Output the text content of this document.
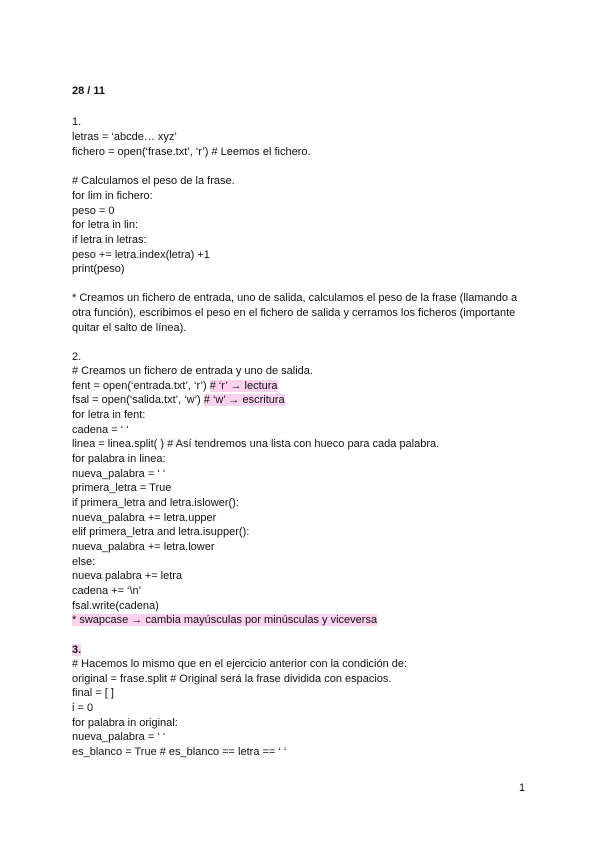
28 / 11
1.
letras = ‘abcde… xyz’
fichero = open(‘frase.txt’, ‘r’) # Leemos el fichero.
# Calculamos el peso de la frase.
for lim in fichero:
peso = 0
for letra in lin:
if letra in letras:
peso += letra.index(letra) +1
print(peso)
* Creamos un fichero de entrada, uno de salida, calculamos el peso de la frase (llamando a
otra función), escribimos el peso en el fichero de salida y cerramos los ficheros (importante
quitar el salto de línea).
2.
# Creamos un fichero de entrada y uno de salida.
fent = open(‘entrada.txt’, ‘r’) # ‘r’ → lectura
fsal = open(‘salida.txt’, ‘w’) # ‘w’ → escritura
for letra in fent:
cadena = ‘ ‘
linea = linea.split( ) # Así tendremos una lista con hueco para cada palabra.
for palabra in linea:
nueva_palabra = ‘ ‘
primera_letra = True
if primera_letra and letra.islower():
nueva_palabra += letra.upper
elif primera_letra and letra.isupper():
nueva_palabra += letra.lower
else:
nueva palabra += letra
cadena += ‘\n’
fsal.write(cadena)
* swapcase → cambia mayúsculas por minúsculas y viceversa
3.
# Hacemos lo mismo que en el ejercicio anterior con la condición de:
original = frase.split # Original será la frase dividida con espacios.
final = [ ]
i = 0
for palabra in original:
nueva_palabra = ‘ ‘
es_blanco = True # es_blanco == letra == ‘ ‘
1
